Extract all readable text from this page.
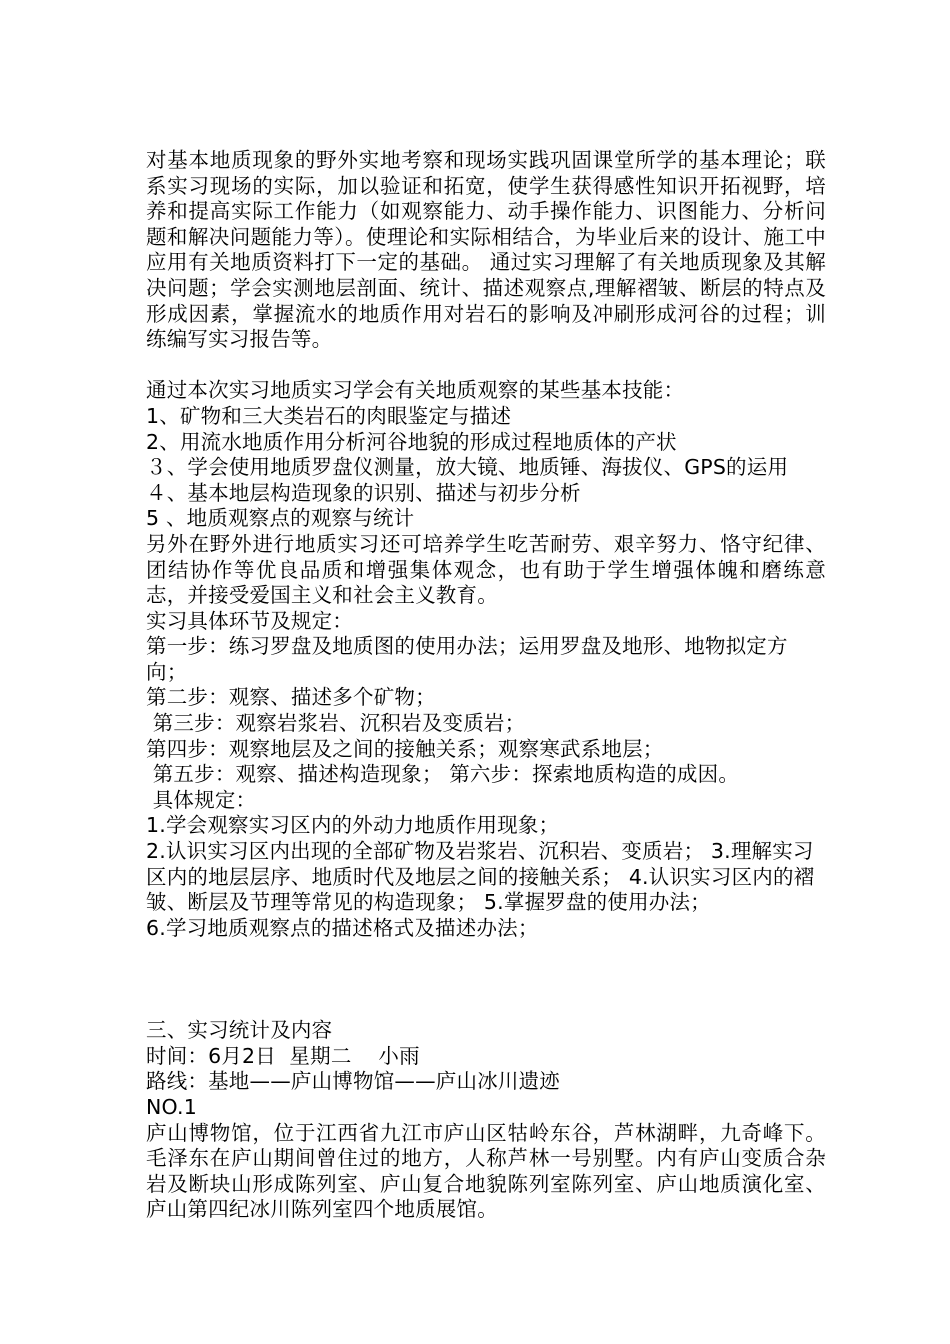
对基本地质现象的野外实地考察和现场实践巩固课堂所学的基本理论；联系实习现场的实际，加以验证和拓宽，使学生获得感性知识开拓视野，培养和提高实际工作能力（如观察能力、动手操作能力、识图能力、分析问题和解决问题能力等）。使理论和实际相结合，为毕业后来的设计、施工中应用有关地质资料打下一定的基础。 通过实习理解了有关地质现象及其解决问题；学会实测地层剖面、统计、描述观察点,理解褶皱、断层的特点及形成因素，掌握流水的地质作用对岩石的影响及冲刷形成河谷的过程；训练编写实习报告等。

通过本次实习地质实习学会有关地质观察的某些基本技能：

1、矿物和三大类岩石的肉眼鉴定与描述

2、用流水地质作用分析河谷地貌的形成过程地质体的产状

３、学会使用地质罗盘仪测量，放大镜、地质锤、海拔仪、GPS的运用

４、基本地层构造现象的识别、描述与初步分析

5 、地质观察点的观察与统计

另外在野外进行地质实习还可培养学生吃苦耐劳、艰辛努力、恪守纪律、团结协作等优良品质和增强集体观念，也有助于学生增强体魄和磨练意志，并接受爱国主义和社会主义教育。

实习具体环节及规定：

第一步：练习罗盘及地质图的使用办法；运用罗盘及地形、地物拟定方向；

第二步：观察、描述多个矿物；

第三步：观察岩浆岩、沉积岩及变质岩；

第四步：观察地层及之间的接触关系；观察寒武系地层；

第五步：观察、描述构造现象； 第六步：探索地质构造的成因。

具体规定：

1.学会观察实习区内的外动力地质作用现象；

2.认识实习区内出现的全部矿物及岩浆岩、沉积岩、变质岩； 3.理解实习区内的地层层序、地质时代及地层之间的接触关系； 4.认识实习区内的褶皱、断层及节理等常见的构造现象； 5.掌握罗盘的使用办法；

6.学习地质观察点的描述格式及描述办法；

三、实习统计及内容

时间：6月2日  星期二    小雨

路线：基地——庐山博物馆——庐山冰川遗迹

NO.1

庐山博物馆，位于江西省九江市庐山区牯岭东谷，芦林湖畔，九奇峰下。毛泽东在庐山期间曾住过的地方，人称芦林一号别墅。内有庐山变质合杂岩及断块山形成陈列室、庐山复合地貌陈列室陈列室、庐山地质演化室、庐山第四纪冰川陈列室四个地质展馆。
